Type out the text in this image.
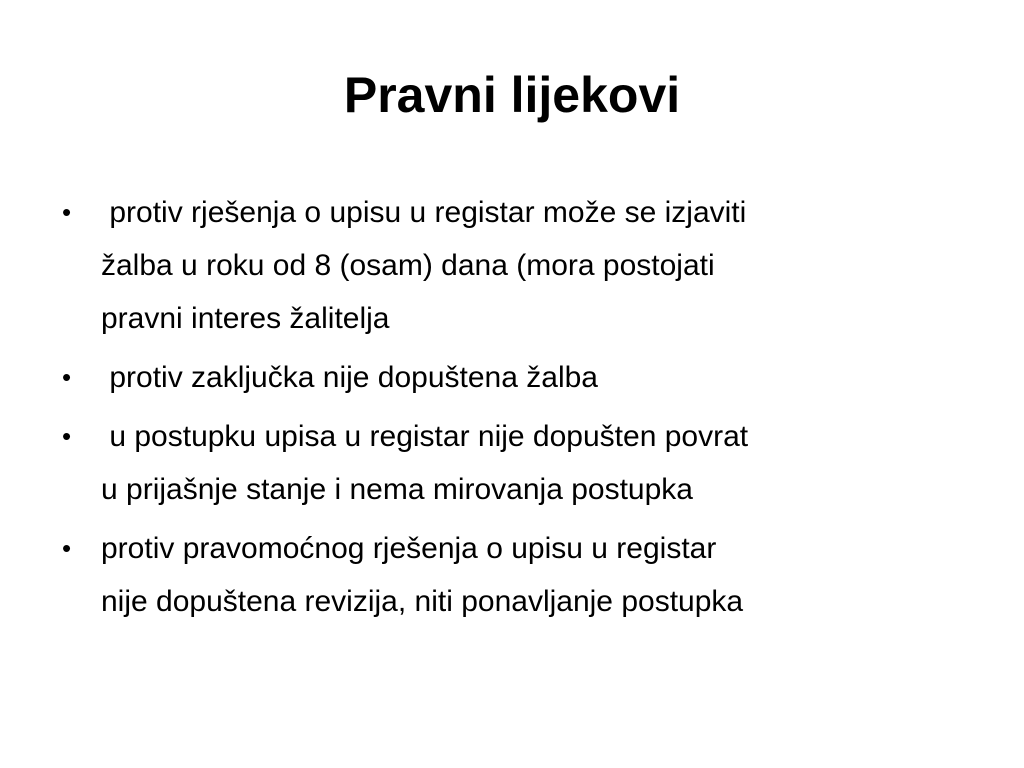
Pravni lijekovi
• protiv rješenja o upisu u registar može se izjaviti
žalba u roku od 8 (osam) dana (mora postojati
pravni interes žalitelja
• protiv zaključka nije dopuštena žalba
• u postupku upisa u registar nije dopušten povrat
u prijašnje stanje i nema mirovanja postupka
• protiv pravomoćnog rješenja o upisu u registar
nije dopuštena revizija, niti ponavljanje postupka
